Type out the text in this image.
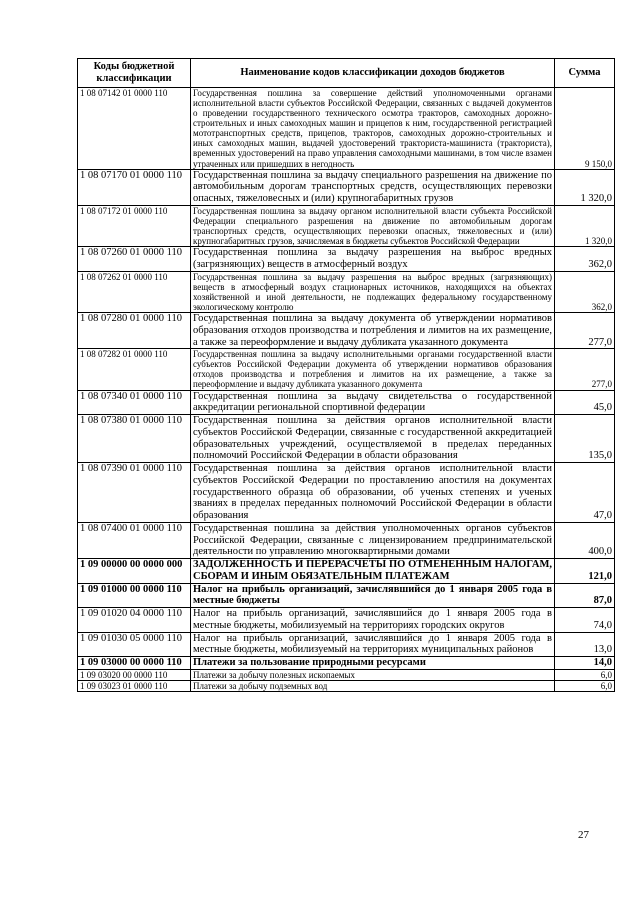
Коды бюджетной классификации	Наименование кодов классификации доходов бюджетов	Сумма
1 08 07142 01 0000 110	Государственная пошлина за совершение действий уполномоченными органами исполнительной власти субъектов Российской Федерации, связанных с выдачей документов о проведении государственного технического осмотра тракторов, самоходных дорожно-строительных и иных самоходных машин и прицепов к ним, государственной регистрацией мототранспортных средств, прицепов, тракторов, самоходных дорожно-строительных и иных самоходных машин, выдачей удостоверений тракториста-машиниста (тракториста), временных удостоверений на право управления самоходными машинами, в том числе взамен утраченных или пришедших в негодность	9 150,0
1 08 07170 01 0000 110	Государственная пошлина за выдачу специального разрешения на движение по автомобильным дорогам транспортных средств, осуществляющих перевозки опасных, тяжеловесных и (или) крупногабаритных грузов	1 320,0
1 08 07172 01 0000 110	Государственная пошлина за выдачу органом исполнительной власти субъекта Российской Федерации специального разрешения на движение по автомобильным дорогам транспортных средств, осуществляющих перевозки опасных, тяжеловесных и (или) крупногабаритных грузов, зачисляемая в бюджеты субъектов Российской Федерации	1 320,0
1 08 07260 01 0000 110	Государственная пошлина за выдачу разрешения на выброс вредных (загрязняющих) веществ в атмосферный воздух	362,0
1 08 07262 01 0000 110	Государственная пошлина за выдачу разрешения на выброс вредных (загрязняющих) веществ в атмосферный воздух стационарных источников, находящихся на объектах хозяйственной и иной деятельности, не подлежащих федеральному государственному экологическому контролю	362,0
1 08 07280 01 0000 110	Государственная пошлина за выдачу документа об утверждении нормативов образования отходов производства и потребления и лимитов на их размещение, а также за переоформление и выдачу дубликата указанного документа	277,0
1 08 07282 01 0000 110	Государственная пошлина за выдачу исполнительными органами государственной власти субъектов Российской Федерации документа об утверждении нормативов образования отходов производства и потребления и лимитов на их размещение, а также за переоформление и выдачу дубликата указанного документа	277,0
1 08 07340 01 0000 110	Государственная пошлина за выдачу свидетельства о государственной аккредитации региональной спортивной федерации	45,0
1 08 07380 01 0000 110	Государственная пошлина за действия органов исполнительной власти субъектов Российской Федерации, связанные с государственной аккредитацией образовательных учреждений, осуществляемой в пределах переданных полномочий Российской Федерации в области образования	135,0
1 08 07390 01 0000 110	Государственная пошлина за действия органов исполнительной власти субъектов Российской Федерации по проставлению апостиля на документах государственного образца об образовании, об ученых степенях и ученых званиях в пределах переданных полномочий Российской Федерации в области образования	47,0
1 08 07400 01 0000 110	Государственная пошлина за действия уполномоченных органов субъектов Российской Федерации, связанные с лицензированием предпринимательской деятельности по управлению многоквартирными домами	400,0
1 09 00000 00 0000 000	ЗАДОЛЖЕННОСТЬ И ПЕРЕРАСЧЕТЫ ПО ОТМЕНЕННЫМ НАЛОГАМ, СБОРАМ И ИНЫМ ОБЯЗАТЕЛЬНЫМ ПЛАТЕЖАМ	121,0
1 09 01000 00 0000 110	Налог на прибыль организаций, зачислявшийся до 1 января 2005 года в местные бюджеты	87,0
1 09 01020 04 0000 110	Налог на прибыль организаций, зачислявшийся до 1 января 2005 года в местные бюджеты, мобилизуемый на территориях городских округов	74,0
1 09 01030 05 0000 110	Налог на прибыль организаций, зачислявшийся до 1 января 2005 года в местные бюджеты, мобилизуемый на территориях муниципальных районов	13,0
1 09 03000 00 0000 110	Платежи за пользование природными ресурсами	14,0
1 09 03020 00 0000 110	Платежи за добычу полезных ископаемых	6,0
1 09 03023 01 0000 110	Платежи за добычу подземных вод	6,0
27
